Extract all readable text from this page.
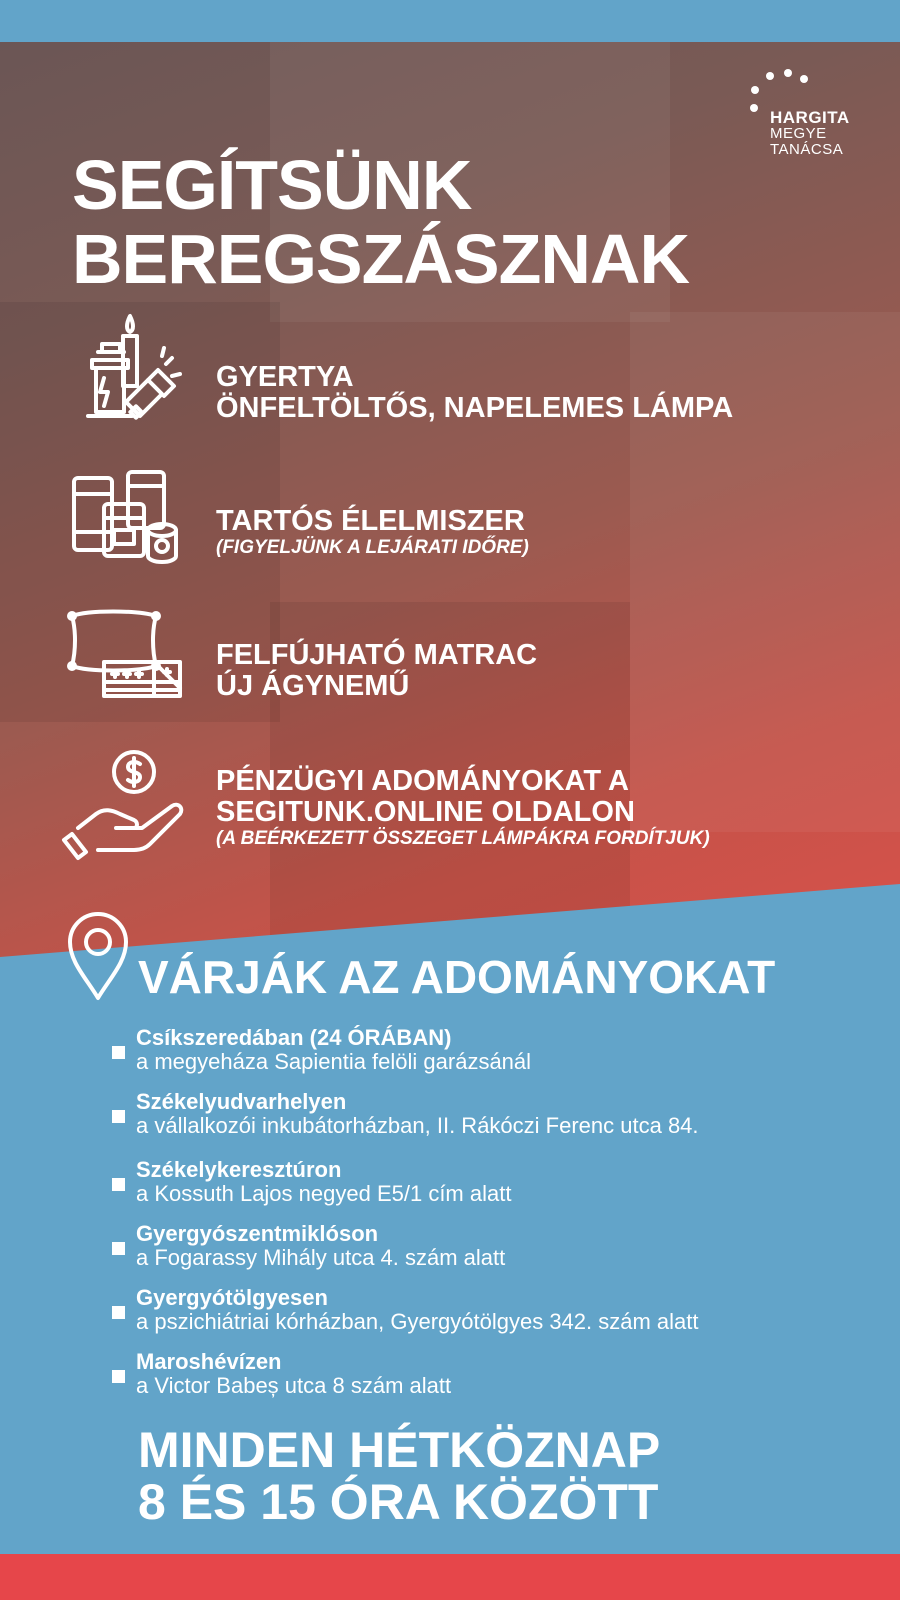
HARGITA
MEGYE
TANÁCSA
SEGÍTSÜNK
BEREGSZÁSZNAK
GYERTYA
ÖNFELTÖLTŐS, NAPELEMES LÁMPA
TARTÓS ÉLELMISZER
(FIGYELJÜNK A LEJÁRATI IDŐRE)
FELFÚJHATÓ MATRAC
ÚJ ÁGYNEMŰ
PÉNZÜGYI ADOMÁNYOKAT A
SEGITUNK.ONLINE OLDALON
(A BEÉRKEZETT ÖSSZEGET LÁMPÁKRA FORDÍTJUK)
VÁRJÁK AZ ADOMÁNYOKAT
Csíkszeredában (24 ÓRÁBAN)
a megyeháza Sapientia felöli garázsánál
Székelyudvarhelyen
a vállalkozói inkubátorházban, II. Rákóczi Ferenc utca 84.
Székelykeresztúron
a Kossuth Lajos negyed E5/1 cím alatt
Gyergyószentmiklóson
a Fogarassy Mihály utca 4. szám alatt
Gyergyótölgyesen
a pszichiátriai kórházban, Gyergyótölgyes 342. szám alatt
Maroshévízen
a Victor Babeș utca 8 szám alatt
MINDEN HÉTKÖZNAP
8 ÉS 15 ÓRA KÖZÖTT
